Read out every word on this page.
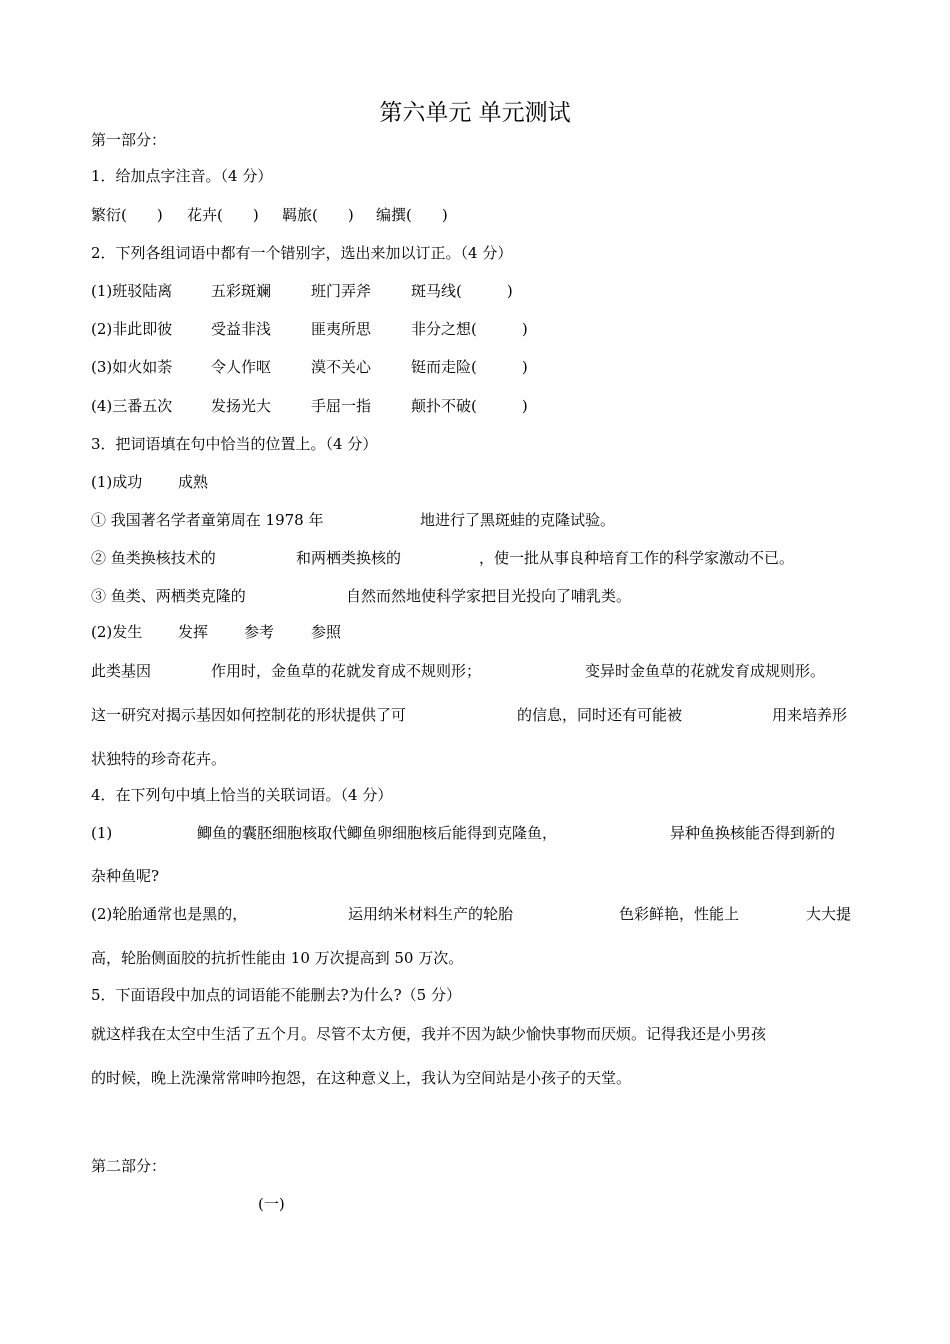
第六单元 单元测试
第一部分：
1．给加点字注音。（4 分）
繁衍(　　) 花卉(　　) 羁旅(　　) 编撰(　　)
2．下列各组词语中都有一个错别字，选出来加以订正。（4 分）
(1)班驳陆离	五彩斑斓	班门弄斧	斑马线(　　　)
(2)非此即彼	受益非浅	匪夷所思	非分之想(　　　)
(3)如火如荼	令人作呕	漠不关心	铤而走险(　　　)
(4)三番五次	发扬光大	手屈一指	颠扑不破(　　　)
3．把词语填在句中恰当的位置上。（4 分）
(1)成功 成熟
① 我国著名学者童第周在 1978 年	地进行了黑斑蛙的克隆试验。
② 鱼类换核技术的	和两栖类换核的	，使一批从事良种培育工作的科学家激动不已。
③ 鱼类、两栖类克隆的	自然而然地使科学家把目光投向了哺乳类。
(2)发生 发挥 参考 参照
此类基因	作用时，金鱼草的花就发育成不规则形；	变异时金鱼草的花就发育成规则形。
这一研究对揭示基因如何控制花的形状提供了可	的信息，同时还有可能被	用来培养形
状独特的珍奇花卉。
4．在下列句中填上恰当的关联词语。（4 分）
(1)	鲫鱼的囊胚细胞核取代鲫鱼卵细胞核后能得到克隆鱼，	异种鱼换核能否得到新的
杂种鱼呢?
(2)轮胎通常也是黑的，	运用纳米材料生产的轮胎	色彩鲜艳，性能上	大大提
高，轮胎侧面胶的抗折性能由 10 万次提高到 50 万次。
5．下面语段中加点的词语能不能删去?为什么?（5 分）
就这样我在太空中生活了五个月。尽管不太方便，我并不因为缺少愉快事物而厌烦。记得我还是小男孩
的时候，晚上洗澡常常呻吟抱怨，在这种意义上，我认为空间站是小孩子的天堂。
第二部分：
(一)
